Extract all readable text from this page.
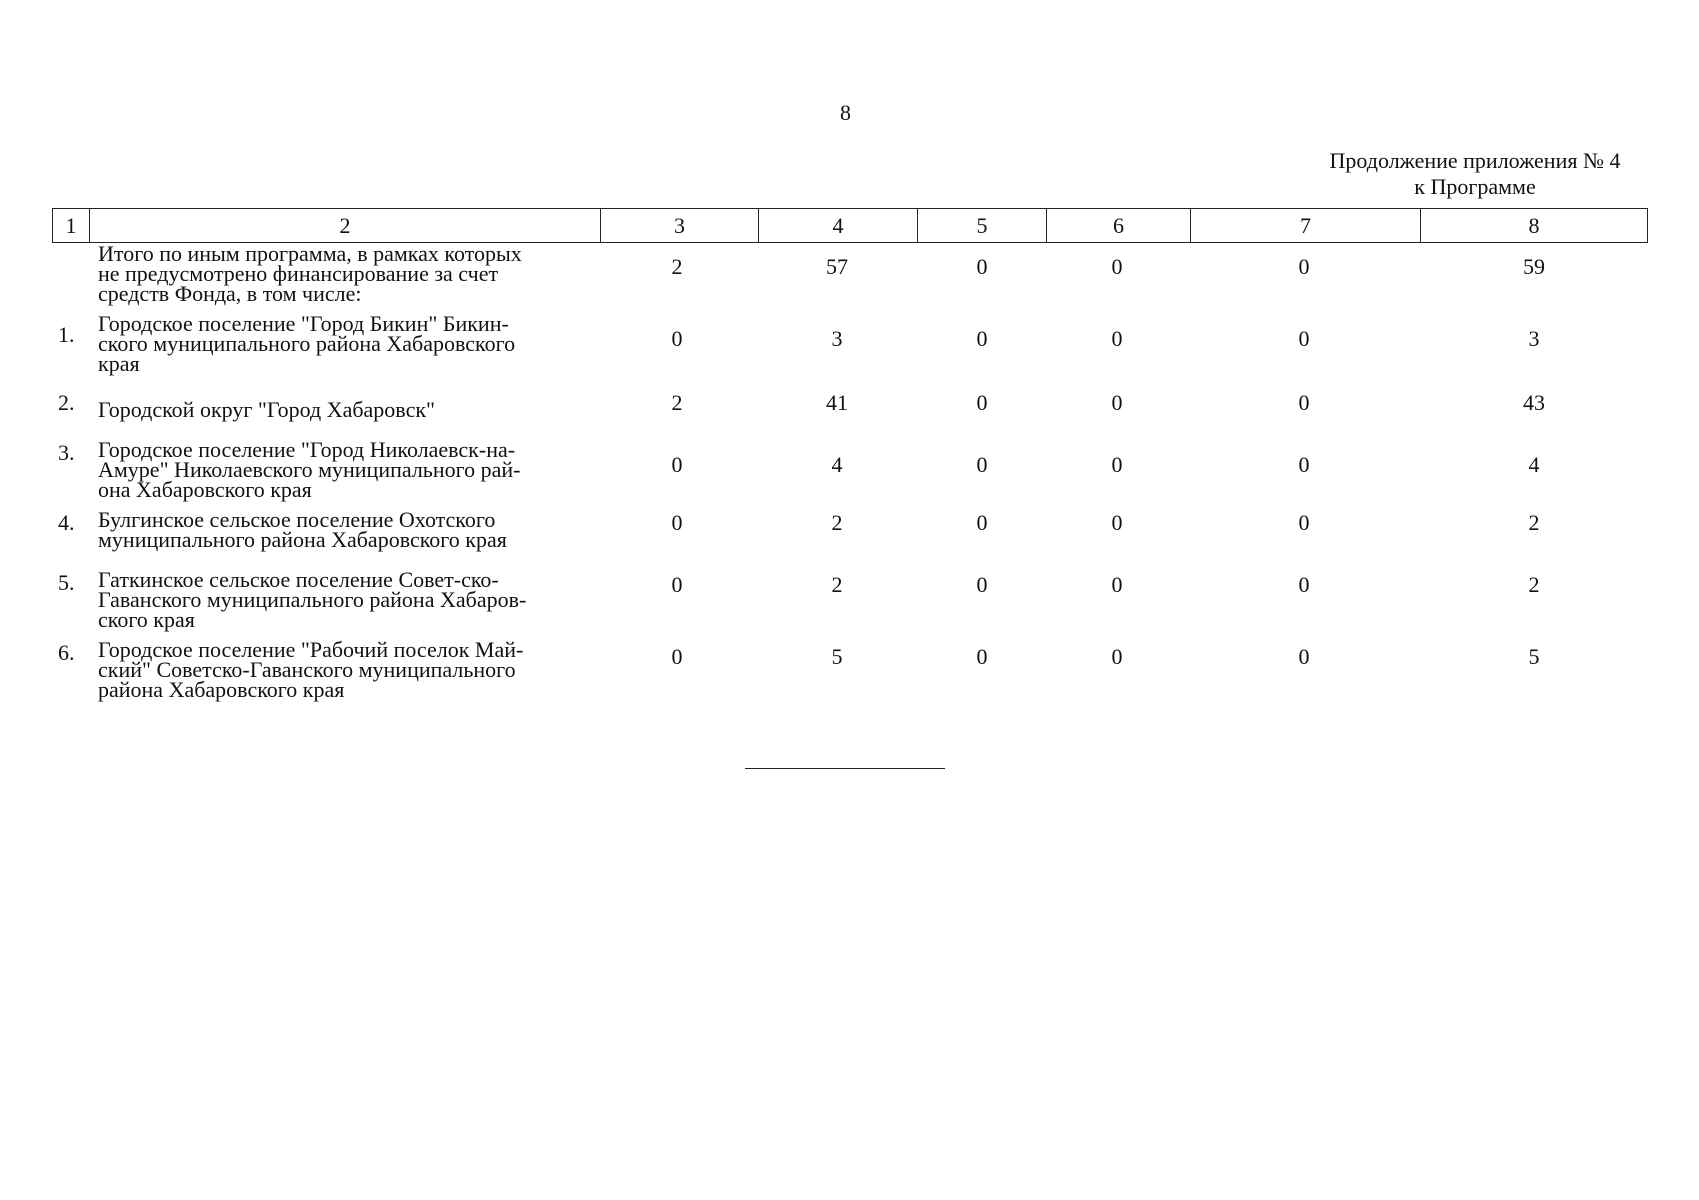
8
Продолжение приложения № 4
к Программе
1	2	3	4	5	6	7	8
Итого по иным программа, в рамках которых
не предусмотрено финансирование за счет
средств Фонда, в том числе:
2	57	0	0	0	59
1. Городское поселение "Город Бикин" Бикин-
ского муниципального района Хабаровского
края
0	3	0	0	0	3
2. Городской округ "Город Хабаровск"	2	41	0	0	0	43
3. Городское поселение "Город Николаевск-на-
Амуре" Николаевского муниципального рай-
она Хабаровского края
0	4	0	0	0	4
4. Булгинское сельское поселение Охотского
муниципального района Хабаровского края
0	2	0	0	0	2
5. Гаткинское сельское поселение Совет-ско-
Гаванского муниципального района Хабаров-
ского края
0	2	0	0	0	2
6. Городское поселение "Рабочий поселок Май-
ский" Советско-Гаванского муниципального
района Хабаровского края
0	5	0	0	0	5
